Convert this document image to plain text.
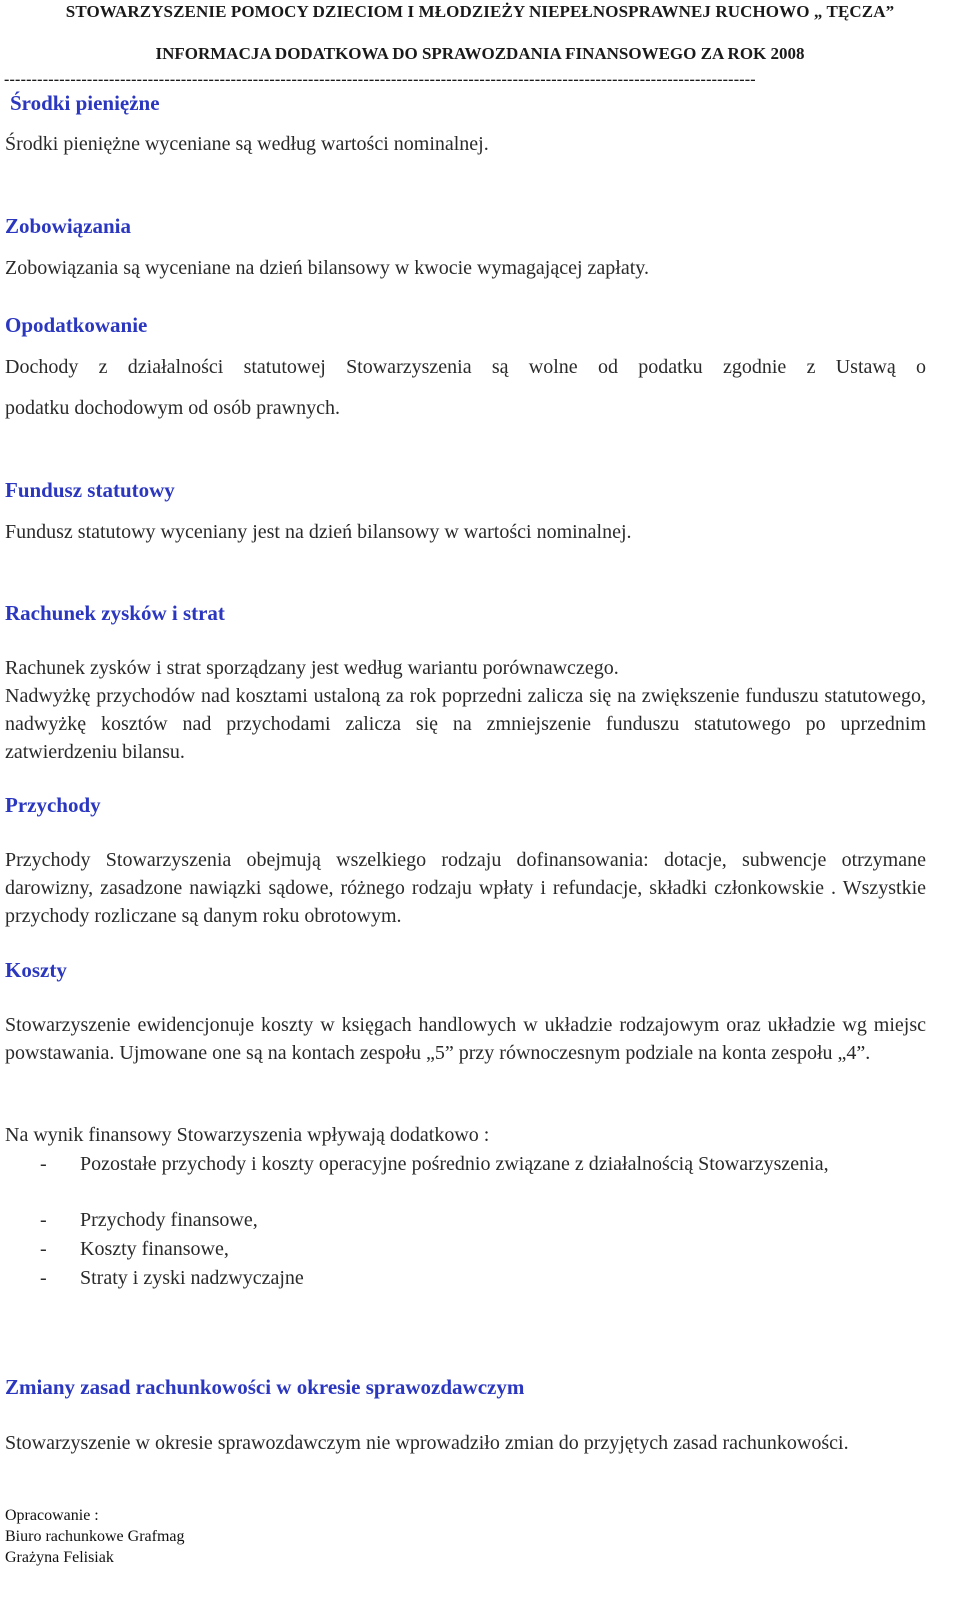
STOWARZYSZENIE POMOCY DZIECIOM I MŁODZIEŻY NIEPEŁNOSPRAWNEJ RUCHOWO „ TĘCZA”
INFORMACJA DODATKOWA DO SPRAWOZDANIA FINANSOWEGO ZA ROK 2008
----------------------------------------------------------------------------------------------------------------------------------------
Środki pieniężne
Środki pieniężne wyceniane są według wartości nominalnej.
Zobowiązania
Zobowiązania są wyceniane na dzień bilansowy w kwocie wymagającej zapłaty.
Opodatkowanie
Dochody z działalności statutowej Stowarzyszenia są wolne od podatku zgodnie z Ustawą o
podatku dochodowym od osób prawnych.
Fundusz statutowy
Fundusz statutowy wyceniany jest na dzień bilansowy w wartości nominalnej.
Rachunek zysków i strat
Rachunek zysków i strat sporządzany jest według wariantu porównawczego.
Nadwyżkę przychodów nad kosztami ustaloną za rok poprzedni zalicza się na zwiększenie funduszu statutowego, nadwyżkę kosztów nad przychodami zalicza się na zmniejszenie funduszu statutowego po uprzednim zatwierdzeniu bilansu.
Przychody
Przychody Stowarzyszenia obejmują wszelkiego rodzaju dofinansowania: dotacje, subwencje otrzymane darowizny, zasadzone nawiązki sądowe, różnego rodzaju wpłaty i refundacje, składki członkowskie . Wszystkie przychody rozliczane są danym roku obrotowym.
Koszty
Stowarzyszenie ewidencjonuje koszty w księgach handlowych w układzie rodzajowym oraz układzie wg miejsc powstawania. Ujmowane one są na kontach zespołu „5” przy równoczesnym podziale na konta zespołu „4”.
Na wynik finansowy Stowarzyszenia wpływają dodatkowo :
- Pozostałe przychody i koszty operacyjne pośrednio związane z działalnością Stowarzyszenia,
- Przychody finansowe,
- Koszty finansowe,
- Straty i zyski nadzwyczajne
Zmiany zasad rachunkowości w okresie sprawozdawczym
Stowarzyszenie w okresie sprawozdawczym nie wprowadziło zmian do przyjętych zasad rachunkowości.
Opracowanie :
Biuro rachunkowe Grafmag
Grażyna Felisiak
